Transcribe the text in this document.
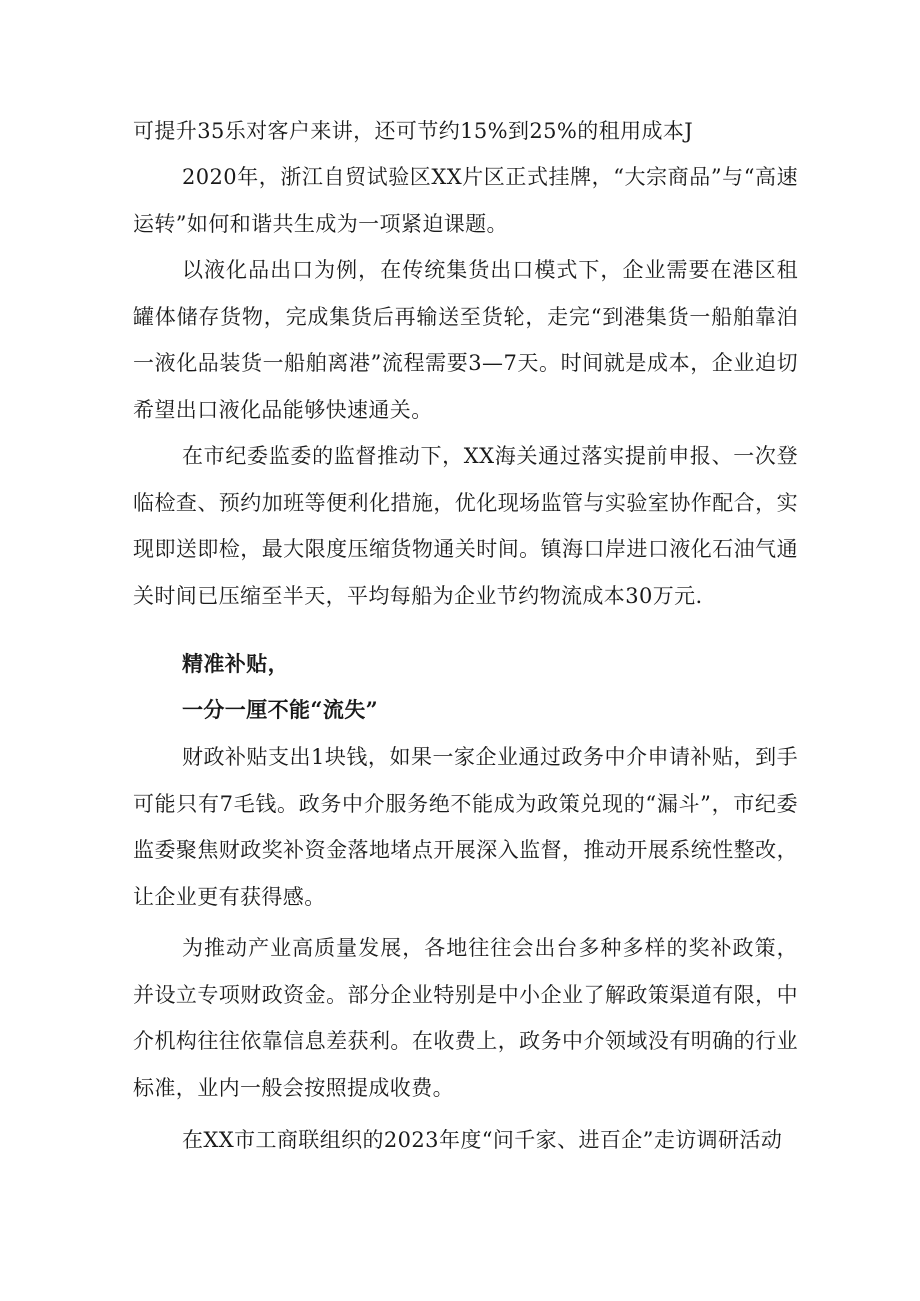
可提升35乐对客户来讲，还可节约15%到25%的租用成本J

2020年，浙江自贸试验区XX片区正式挂牌，“大宗商品”与“高速运转”如何和谐共生成为一项紧迫课题。

以液化品出口为例，在传统集货出口模式下，企业需要在港区租罐体储存货物，完成集货后再输送至货轮，走完“到港集货一船舶靠泊一液化品装货一船舶离港”流程需要3—7天。时间就是成本，企业迫切希望出口液化品能够快速通关。

在市纪委监委的监督推动下，XX海关通过落实提前申报、一次登临检查、预约加班等便利化措施，优化现场监管与实验室协作配合，实现即送即检，最大限度压缩货物通关时间。镇海口岸进口液化石油气通关时间已压缩至半天，平均每船为企业节约物流成本30万元.

精准补贴，

一分一厘不能“流失”

财政补贴支出1块钱，如果一家企业通过政务中介申请补贴，到手可能只有7毛钱。政务中介服务绝不能成为政策兑现的“漏斗”，市纪委监委聚焦财政奖补资金落地堵点开展深入监督，推动开展系统性整改，让企业更有获得感。

为推动产业高质量发展，各地往往会出台多种多样的奖补政策，并设立专项财政资金。部分企业特别是中小企业了解政策渠道有限，中介机构往往依靠信息差获利。在收费上，政务中介领域没有明确的行业标准，业内一般会按照提成收费。

在XX市工商联组织的2023年度“问千家、进百企”走访调研活动
